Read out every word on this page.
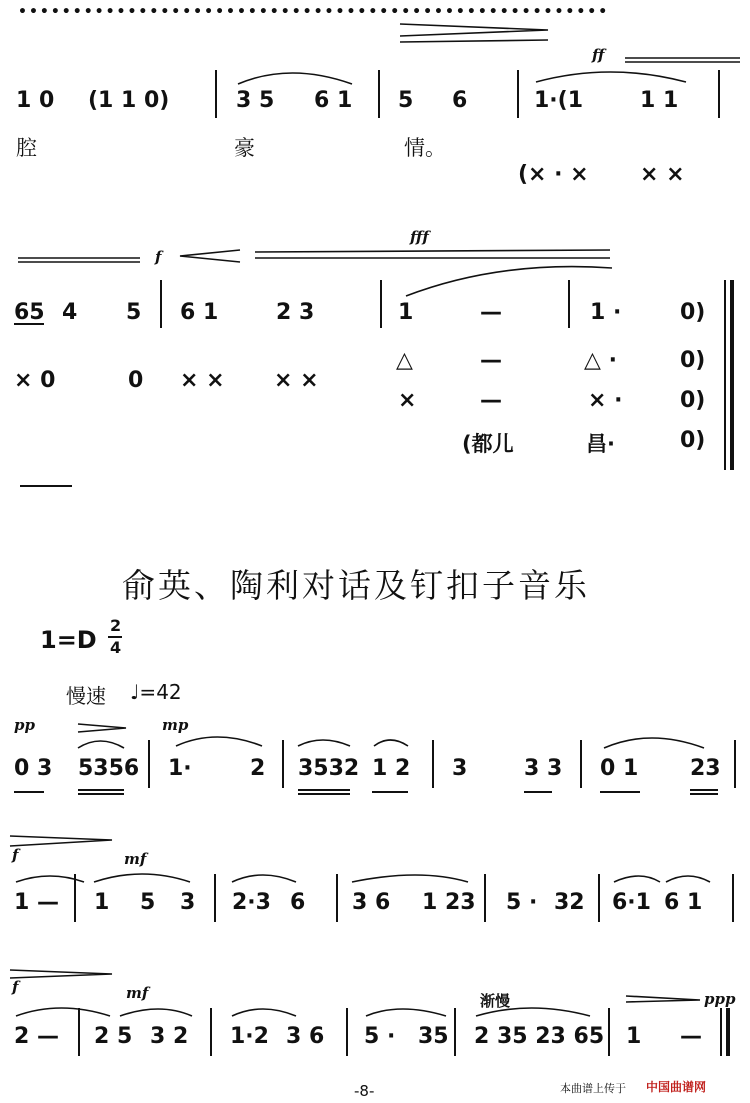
••••••••••••••••••••••••••••••••••••••••••••••••••••••
ff
1 0 (1 1 0)	3 5 6 1 5 6	1·(1	1 1
腔	豪	情。
(× · × × ×
f
fff
65 4 5 6 1	2 3	1	—	1 ·	0)
× 0	0 × × × ×
△	—	△ ·	0)
×	—	× ·	0)
(都儿	昌·	0)
俞英、陶利对话及钉扣子音乐
1=D
2
4
慢速 ♩=42
pp	mp
0 3 5356 1·	2 3532 1 2 3	3 3 0 1 23
f	mf
1 — 1 5 3 2·3 6 3 6 1 23 5 · 32 6·1 6 1
f	mf	渐慢	ppp
2 — 2 5 3 2 1·2 3 6 5 · 35 2 35 23 65 1 —
-8-	本曲谱上传于 中国曲谱网
